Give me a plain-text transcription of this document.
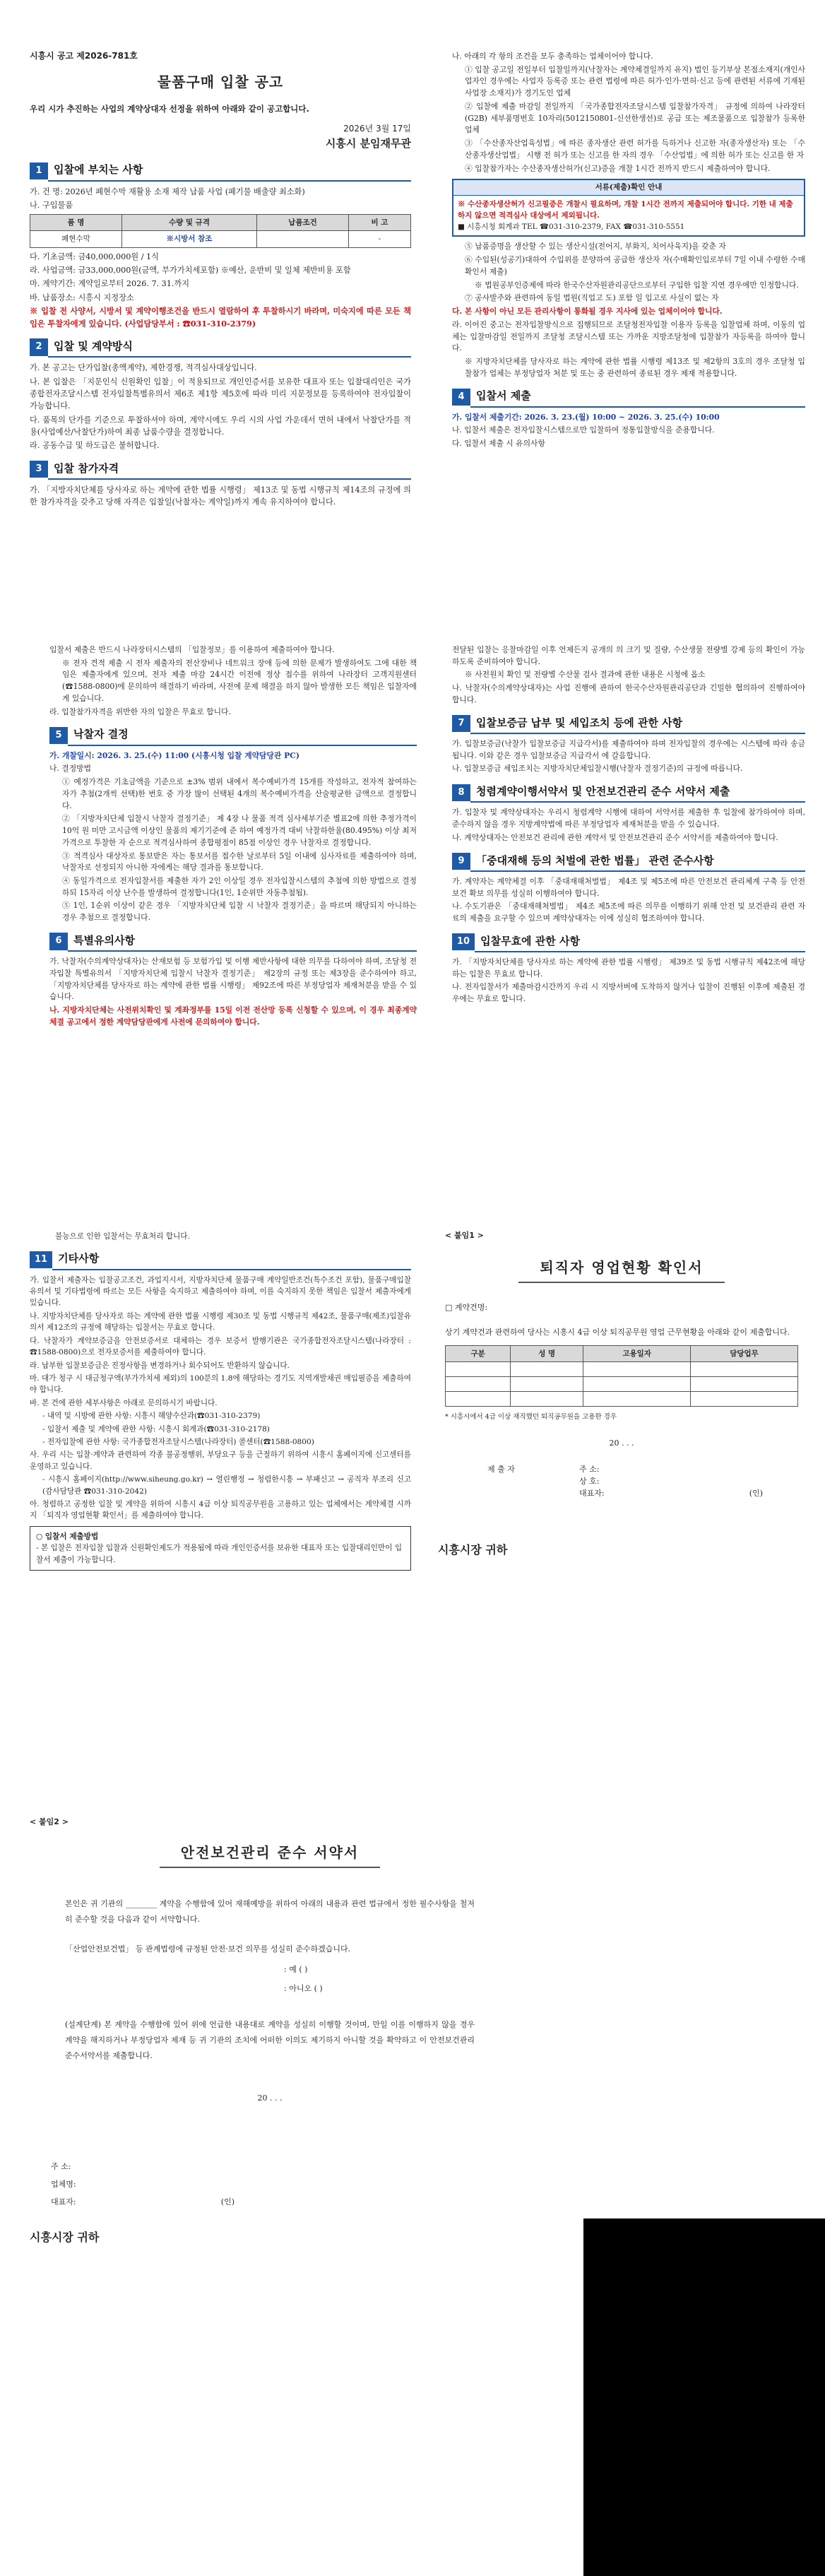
시흥시 공고 제2026-781호
물품구매 입찰 공고
우리 시가 추진하는 사업의 계약상대자 선정을 위하여 아래와 같이 공고합니다.
2026년 3월 17일
시흥시 분임재무관
1	입찰에 부치는 사항
가. 건 명: 2026년 폐현수막 재활용 소재 제작 납품 사업 (폐기물 배출량 최소화)
나. 구입물품
품 명	수량 및 규격	납품조건	비 고
폐현수막	※시방서 참조		-
다. 기초금액: 금40,000,000원 / 1식
라. 사업금액: 금33,000,000원(금액, 부가가치세포함) ※예산, 운반비 및 일체 제반비용 포함
마. 계약기간: 계약일로부터 2026. 7. 31.까지
바. 납품장소: 시흥시 지정장소
※ 입찰 전 사양서, 시방서 및 계약이행조건을 반드시 열람하여 후 투찰하시기 바라며, 미숙지에 따른 모든 책임은 투찰자에게 있습니다. (사업담당부서 : ☎031-310-2379)
2	입찰 및 계약방식
가. 본 공고는 단가입찰(총액계약), 제한경쟁, 적격심사대상입니다.
나. 본 입찰은 「지문인식 신원확인 입찰」이 적용되므로 개인인증서를 보유한 대표자 또는 입찰대리인은 국가종합전자조달시스템 전자입찰특별유의서 제6조 제1항 제5호에 따라 미리 지문정보를 등록하여야 전자입찰이 가능합니다.
다. 품목의 단가를 기준으로 투찰하셔야 하며, 계약시에도 우리 시의 사업 가운데서 면허 내에서 낙찰단가를 적용(사업예산/낙찰단가)하여 최종 납품수량을 결정합니다.
라. 공동수급 및 하도급은 불허합니다.
3	입찰 참가자격
가. 「지방자치단체를 당사자로 하는 계약에 관한 법률 시행령」 제13조 및 동법 시행규칙 제14조의 규정에 의한 참가자격을 갖추고 당해 자격은 입찰일(낙찰자는 계약일)까지 계속 유지하여야 합니다.
나. 아래의 각 항의 조건을 모두 충족하는 업체이어야 합니다.
① 입찰 공고일 전일부터 입찰일까지(낙찰자는 계약체결일까지 유지) 법인 등기부상 본점소재지(개인사업자인 경우에는 사업자 등록증 또는 관련 법령에 따른 허가·인가·면허·신고 등에 관련된 서류에 기재된 사업장 소재지)가 경기도인 업체
② 입찰에 제출 마감일 전일까지 「국가종합전자조달시스템 입찰참가자격」 규정에 의하여 나라장터(G2B) 세부품명번호 10자리(5012150801-신선한생선)로 공급 또는 제조물품으로 입찰참가 등록한 업체
③ 「수산종자산업육성법」에 따른 종자생산 관련 허가를 득하거나 신고한 자(종자생산자) 또는 「수산종자생산업법」 시행 전 허가 또는 신고를 한 자의 경우 「수산업법」에 의한 허가 또는 신고를 한 자
④ 입찰참가자는 수산종자생산허가(신고)증을 개찰 1시간 전까지 반드시 제출하여야 합니다.
서류(제출)확인 안내
※ 수산종자생산허가 신고필증은 개찰시 필요하며, 개찰 1시간 전까지 제출되어야 합니다. 기한 내 제출하지 않으면 적격심사 대상에서 제외됩니다.
■ 시흥시청 회계과 TEL ☎031-310-2379, FAX ☎031-310-5551
⑤ 납품증명을 생산할 수 있는 생산시설(전어지, 부화지, 치어사육지)을 갖춘 자
⑥ 수입된(성공기)대하여 수입위를 분양하여 공급한 생산자 자(수매확인입로부터 7일 이내 수령한 수매 확인서 제출)
※ 법원공부인증제에 따라 한국수산자원관리공단으로부터 구입한 입찰 지연 경우에만 인정합니다.
⑦ 공사발주와 관련하여 동일 법원(직업고 도) 포함 일 입고로 사실이 없는 자
다. 본 사항이 아닌 모든 관리사항이 통화될 경우 지사에 있는 업체이어야 합니다.
라. 이어진 중고는 전자입찰방식으로 집행되므로 조달청전자입찰 이용자 등록을 입찰업체 하며, 이동의 업체는 입찰마감일 전일까지 조달청 조달시스템 또는 가까운 지방조달청에 입찰참가 자등록을 하여야 합니다.
※ 지방자치단체를 당사자로 하는 계약에 관한 법률 시행령 제13조 및 제2항의 3호의 경우 조달청 입찰참가 업체는 부정당업자 처분 및 또는 중 관련하여 종료된 경우 제재 적용합니다.
4	입찰서 제출
가. 입찰서 제출기간: 2026. 3. 23.(월) 10:00 ~ 2026. 3. 25.(수) 10:00
나. 입찰서 제출은 전자입찰시스템으로만 입찰하여 정통입찰방식을 준용합니다.
다. 입찰서 제출 시 유의사항
입찰서 제출은 반드시 나라장터시스템의 「입찰정보」를 이용하여 제출하여야 합니다.
※ 전자 견적 제출 시 전자 제출자의 전산장비나 네트워크 장애 등에 의한 문제가 발생하여도 그에 대한 책임은 제출자에게 있으며, 전자 제출 마감 24시간 이전에 정상 접수를 위하여 나라장터 고객지원센터(☎1588-0800)에 문의하여 해결하기 바라며, 사전에 문제 해결을 하지 않아 발생한 모든 책임은 입찰자에게 있습니다.
라. 입찰참가자격을 위반한 자의 입찰은 무효로 합니다.
5	낙찰자 결정
가. 개찰일시: 2026. 3. 25.(수) 11:00 (시흥시청 입찰 계약담당관 PC)
나. 결정방법
① 예정가격은 기초금액을 기준으로 ±3% 범위 내에서 복수예비가격 15개를 작성하고, 전자적 참여하는 자가 추첨(2개씩 선택)한 번호 중 가장 많이 선택된 4개의 복수예비가격을 산술평균한 금액으로 결정합니다.
② 「지방자치단체 입찰시 낙찰자 결정기준」 제 4장 나 물품 적격 심사세부기준 별표2에 의한 추정가격이 10억 원 미만 고시금액 이상인 물품의 제기기준에 준 하여 예정가격 대비 낙찰하한율(80.495%) 이상 최저가격으로 투찰한 자 순으로 적격심사하여 종합평점이 85점 이상인 경우 낙찰자로 결정합니다.
③ 적격심사 대상자로 통보받은 자는 통보서를 접수한 날로부터 5일 이내에 심사자료를 제출하여야 하며, 낙찰자로 선정되지 아니한 자에게는 해당 결과를 통보합니다.
④ 동일가격으로 전자입찰서를 제출한 자가 2인 이상일 경우 전자입찰시스템의 추첨에 의한 방법으로 결정하되 15자리 이상 난수를 발생하여 결정합니다(1인, 1순위만 자동추첨됨).
⑤ 1인, 1순위 이상이 같은 경우 「지방자치단체 입찰 시 낙찰자 결정기준」을 따르며 해당되지 아니하는 경우 추첨으로 결정합니다.
6	특별유의사항
가. 낙찰자(수의계약상대자)는 산재보험 등 보험가입 및 이행 제반사항에 대한 의무를 다하여야 하며, 조달청 전자입찰 특별유의서 「지방자치단체 입찰시 낙찰자 결정기준」 제2장의 규정 또는 제3장을 준수하여야 하고, 「지방자치단체를 당사자로 하는 계약에 관한 법률 시행령」 제92조에 따른 부정당업자 제재처분을 받을 수 있습니다.
나. 지방자치단체는 사전위치확인 및 계좌정부를 15일 이전 전산망 등록 신청할 수 있으며, 이 경우 최종계약체결 공고에서 정한 계약담당관에게 사전에 문의하여야 합니다.
전달된 입찰는 응찰마감일 이후 언제든지 공개의 의 크기 및 질량, 수산생물 전량별 강제 등의 확인이 가능하도록 준비하여야 합니다.
※ 사전원치 확인 및 전량별 수산물 검사 결과에 관한 내용은 시청에 옵소
나. 낙찰자(수의계약상대자)는 사업 진행에 관하여 한국수산자원관리공단과 긴밀한 협의하여 진행하여야 합니다.
7	입찰보증금 납부 및 세입조치 등에 관한 사항
가. 입찰보증금(낙찰가 입찰보증금 지급각서)를 제출하여야 하며 전자입찰의 경우에는 시스템에 따라 송금됩니다. 이와 같은 경우 입찰보증금 지급각서 에 갈음합니다.
나. 입찰보증금 세입조치는 지방자치단체입찰시행(낙찰자 결정기준)의 규정에 따릅니다.
8	청렴계약이행서약서 및 안전보건관리 준수 서약서 제출
가. 입찰자 및 계약상대자는 우리시 청렴계약 시행에 대하여 서약서를 제출한 후 입찰에 참가하여야 하며, 준수하지 않을 경우 지방계약법에 따른 부정당업자 제재처분을 받을 수 있습니다.
나. 계약상대자는 안전보건 관리에 관한 계약서 및 안전보건관리 준수 서약서를 제출하여야 합니다.
9	「중대재해 등의 처벌에 관한 법률」 관련 준수사항
가. 계약자는 계약체결 이후 「중대재해처벌법」 제4조 및 제5조에 따른 안전보건 관리체계 구축 등 안전보건 확보 의무를 성실히 이행하여야 합니다.
나. 수도기관은 「중대재해처벌법」 제4조 제5조에 따른 의무를 이행하기 위해 안전 및 보건관리 관련 자료의 제출을 요구할 수 있으며 계약상대자는 이에 성실히 협조하여야 합니다.
10	입찰무효에 관한 사항
가. 「지방자치단체를 당사자로 하는 계약에 관한 법률 시행령」 제39조 및 동법 시행규칙 제42조에 해당하는 입찰은 무효로 합니다.
나. 전자입찰서가 제출마감시간까지 우리 시 지방서버에 도착하지 않거나 입찰이 진행된 이후에 제출된 경우에는 무효로 합니다.
불능으로 인한 입찰서는 무효처리 합니다.
11	기타사항
가. 입찰서 제출자는 입찰공고조건, 과업지시서, 지방자치단체 물품구매 계약일반조건(특수조건 포함), 물품구매입찰유의서 및 기타법령에 따르는 모든 사항을 숙지하고 제출하여야 하며, 이를 숙지하지 못한 책임은 입찰서 제출자에게 있습니다.
나. 지방자치단체를 당사자로 하는 계약에 관한 법률 시행령 제30조 및 동법 시행규칙 제42조, 물품구매(제조)입찰유의서 제12조의 규정에 해당하는 입찰서는 무효로 합니다.
다. 낙찰자가 계약보증금을 안전보증서로 대체하는 경우 보증서 발행기관은 국가종합전자조달시스템(나라장터 : ☎1588-0800)으로 전자보증서를 제출하여야 합니다.
라. 납부한 입찰보증금은 진정사항을 변경하거나 회수되어도 반환하지 않습니다.
마. 대가 청구 시 대금청구액(부가가치세 제외)의 100분의 1.8에 해당하는 경기도 지역개발채권 매입필증을 제출하여야 합니다.
바. 본 건에 관한 세부사항은 아래로 문의하시기 바랍니다.
- 내역 및 시방에 관한 사항: 시흥시 해양수산과(☎031-310-2379)
- 입찰서 제출 및 계약에 관한 사항: 시흥시 회계과(☎031-310-2178)
- 전자입찰에 관한 사항: 국가종합전자조달시스템(나라장터) 콜센터(☎1588-0800)
사. 우리 시는 입찰·계약과 관련하여 각종 불공정행위, 부당요구 등을 근절하기 위하여 시흥시 홈페이지에 신고센터를 운영하고 있습니다.
- 시흥시 홈페이지(http://www.siheung.go.kr) → 열린행정 → 청렴한시흥 → 부패신고 → 공직자 부조리 신고(감사담당관 ☎031-310-2042)
아. 청렴하고 공정한 입찰 및 계약을 위하여 시흥시 4급 이상 퇴직공무원을 고용하고 있는 업체에서는 계약체결 시까지 「퇴직자 영업현황 확인서」를 제출하여야 합니다.
○ 입찰서 제출방법
- 본 입찰은 전자입찰 입찰과 신원확인제도가 적용됨에 따라 개인인증서를 보유한 대표자 또는 입찰대리인만이 입찰서 제출이 가능합니다.
< 붙임1 >
퇴직자 영업현황 확인서
□ 계약건명:
상기 계약건과 관련하여 당사는 시흥시 4급 이상 퇴직공무원 영업 근무현황을 아래와 같이 제출합니다.
구분	성 명	고용일자	담당업무

* 시흥시에서 4급 이상 재직했던 퇴직공무원을 고용한 경우
20 . . .
제 출 자	주 소:
상 호:
대표자:	(인)
시흥시장 귀하
< 붙임2 >
안전보건관리 준수 서약서
본인은 귀 기관의 ________ 계약을 수행함에 있어 재해예방을 위하여 아래의 내용과 관련 법규에서 정한 필수사항을 철저히 준수할 것을 다음과 같이 서약합니다.
「산업안전보건법」 등 관계법령에 규정된 안전·보건 의무를 성실히 준수하겠습니다.
: 예 ( )
: 아니오 ( )
(설계단계) 본 계약을 수행함에 있어 위에 언급한 내용대로 계약을 성실히 이행할 것이며, 만일 이를 이행하지 않을 경우 계약을 해지하거나 부정당업자 제재 등 귀 기관의 조치에 어떠한 이의도 제기하지 아니할 것을 확약하고 이 안전보건관리 준수서약서를 제출합니다.
20 . . .
주 소:
업체명:
대표자:	(인)
시흥시장 귀하
